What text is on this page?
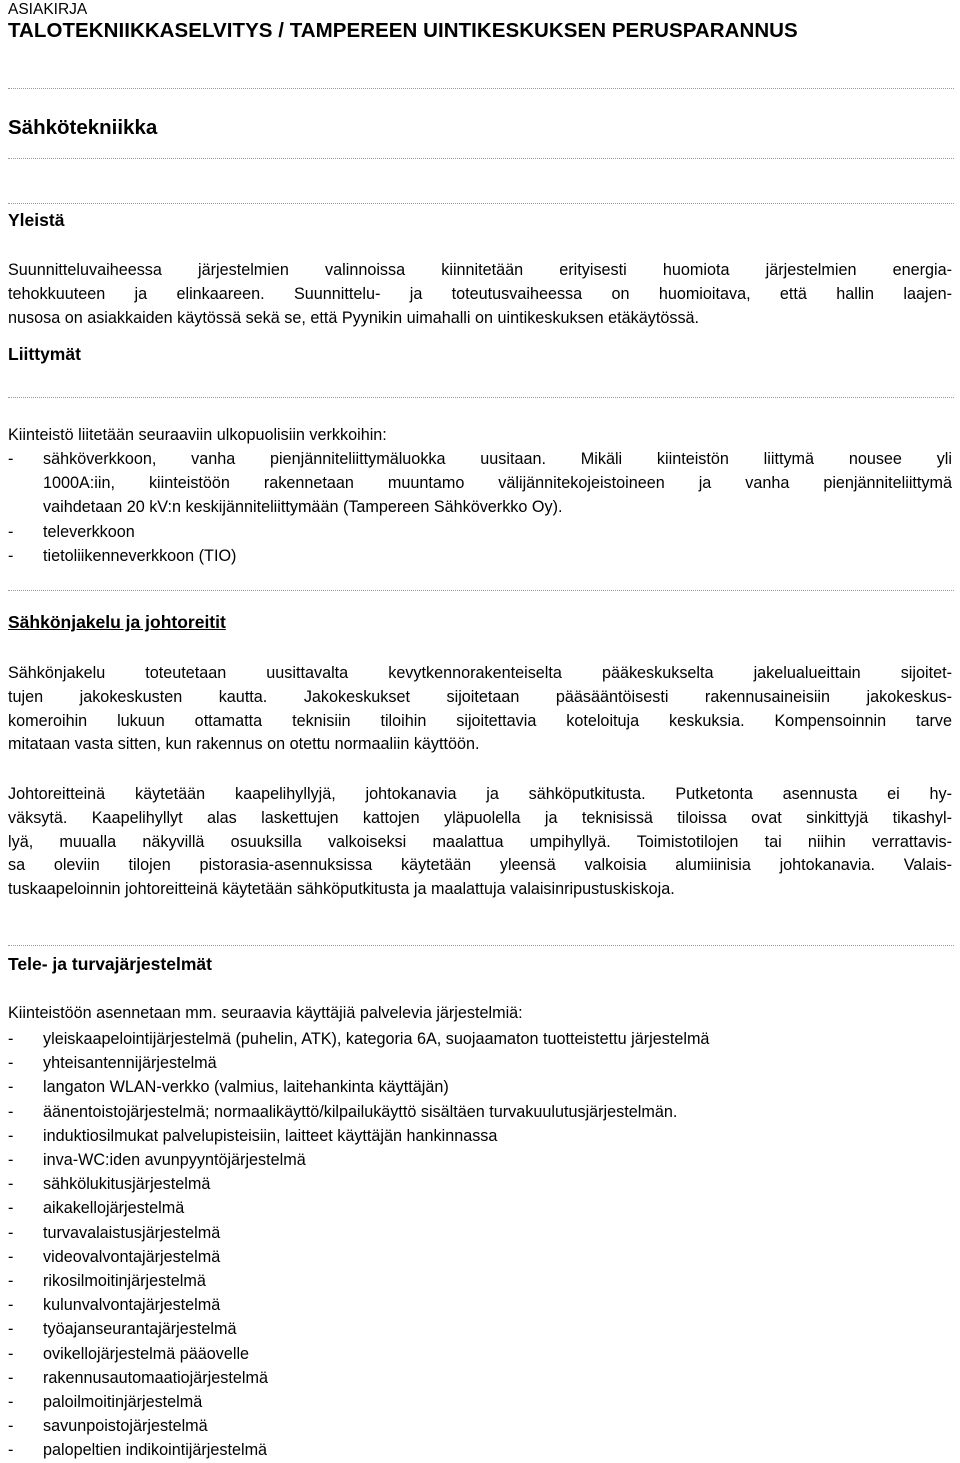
ASIAKIRJA
TALOTEKNIIKKASELVITYS / TAMPEREEN UINTIKESKUKSEN PERUSPARANNUS
Sähkötekniikka
Yleistä
Suunnitteluvaiheessa järjestelmien valinnoissa kiinnitetään erityisesti huomiota järjestelmien energia-
tehokkuuteen ja elinkaareen. Suunnittelu- ja toteutusvaiheessa on huomioitava, että hallin laajen-
nusosa on asiakkaiden käytössä sekä se, että Pyynikin uimahalli on uintikeskuksen etäkäytössä.
Liittymät
Kiinteistö liitetään seuraaviin ulkopuolisiin verkkoihin:
- sähköverkkoon, vanha pienjänniteliittymäluokka uusitaan. Mikäli kiinteistön liittymä nousee yli
1000A:iin, kiinteistöön rakennetaan muuntamo välijännitekojeistoineen ja vanha pienjänniteliittymä
vaihdetaan 20 kV:n keskijänniteliittymään (Tampereen Sähköverkko Oy).
- televerkkoon
- tietoliikenneverkkoon (TIO)
Sähkönjakelu ja johtoreitit
Sähkönjakelu toteutetaan uusittavalta kevytkennorakenteiselta pääkeskukselta jakelualueittain sijoitet-
tujen jakokeskusten kautta. Jakokeskukset sijoitetaan pääsääntöisesti rakennusaineisiin jakokeskus-
komeroihin lukuun ottamatta teknisiin tiloihin sijoitettavia koteloituja keskuksia. Kompensoinnin tarve
mitataan vasta sitten, kun rakennus on otettu normaaliin käyttöön.
Johtoreitteinä käytetään kaapelihyllyjä, johtokanavia ja sähköputkitusta. Putketonta asennusta ei hy-
väksytä. Kaapelihyllyt alas laskettujen kattojen yläpuolella ja teknisissä tiloissa ovat sinkittyjä tikashyl-
lyä, muualla näkyvillä osuuksilla valkoiseksi maalattua umpihyllyä. Toimistotilojen tai niihin verrattavis-
sa oleviin tilojen pistorasia-asennuksissa käytetään yleensä valkoisia alumiinisia johtokanavia. Valais-
tuskaapeloinnin johtoreitteinä käytetään sähköputkitusta ja maalattuja valaisinripustuskiskoja.
Tele- ja turvajärjestelmät
Kiinteistöön asennetaan mm. seuraavia käyttäjiä palvelevia järjestelmiä:
- yleiskaapelointijärjestelmä (puhelin, ATK), kategoria 6A, suojaamaton tuotteistettu järjestelmä
- yhteisantennijärjestelmä
- langaton WLAN-verkko (valmius, laitehankinta käyttäjän)
- äänentoistojärjestelmä; normaalikäyttö/kilpailukäyttö sisältäen turvakuulutusjärjestelmän.
- induktiosilmukat palvelupisteisiin, laitteet käyttäjän hankinnassa
- inva-WC:iden avunpyyntöjärjestelmä
- sähkölukitusjärjestelmä
- aikakellojärjestelmä
- turvavalaistusjärjestelmä
- videovalvontajärjestelmä
- rikosilmoitinjärjestelmä
- kulunvalvontajärjestelmä
- työajanseurantajärjestelmä
- ovikellojärjestelmä pääovelle
- rakennusautomaatiojärjestelmä
- paloilmoitinjärjestelmä
- savunpoistojärjestelmä
- palopeltien indikointijärjestelmä
